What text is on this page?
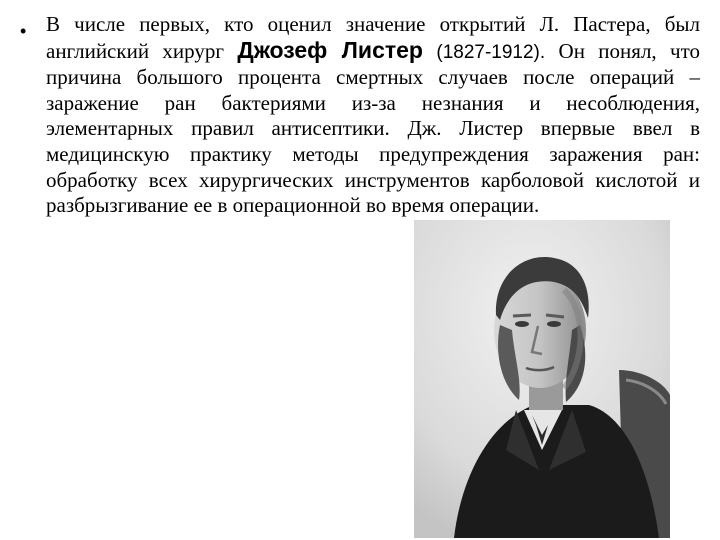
• В числе первых, кто оценил значение открытий Л. Пастера, был английский хирург Джозеф Листер (1827-1912). Он понял, что причина большого процента смертных случаев после операций – заражение ран бактериями из-за незнания и несоблюдения, элементарных правил антисептики. Дж. Листер впервые ввел в медицинскую практику методы предупреждения заражения ран: обработку всех хирургических инструментов карболовой кислотой и разбрызгивание ее в операционной во время операции.
